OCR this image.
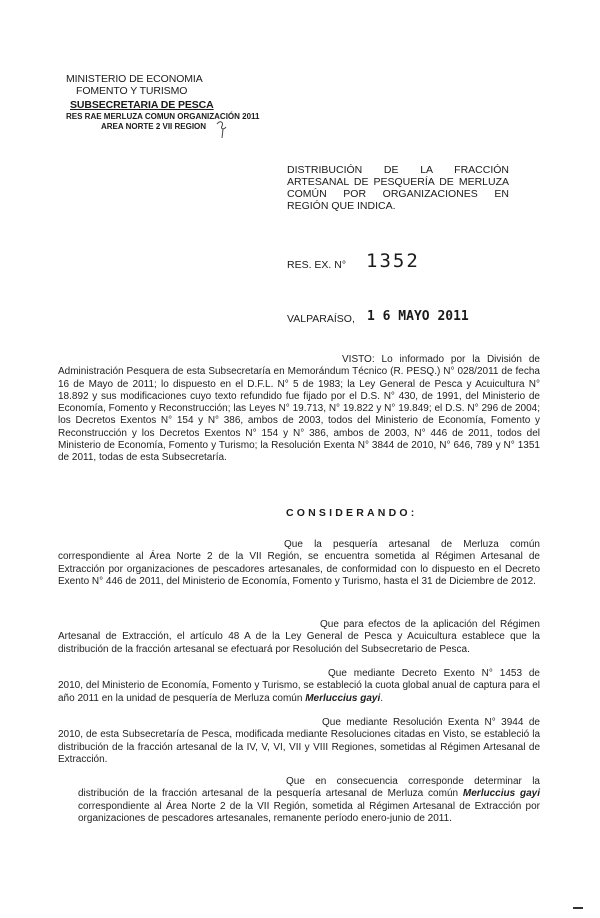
MINISTERIO DE ECONOMIA
FOMENTO Y TURISMO
SUBSECRETARIA DE PESCA
RES RAE MERLUZA COMUN ORGANIZACIÓN 2011
AREA NORTE 2 VII REGION
DISTRIBUCIÓN DE LA FRACCIÓN ARTESANAL DE PESQUERÍA DE MERLUZA COMÚN POR ORGANIZACIONES EN REGIÓN QUE INDICA.
RES. EX. N° 1352
VALPARAÍSO, 1 6 MAYO 2011
VISTO: Lo informado por la División de Administración Pesquera de esta Subsecretaría en Memorándum Técnico (R. PESQ.) N° 028/2011 de fecha 16 de Mayo de 2011; lo dispuesto en el D.F.L. N° 5 de 1983; la Ley General de Pesca y Acuicultura N° 18.892 y sus modificaciones cuyo texto refundido fue fijado por el D.S. N° 430, de 1991, del Ministerio de Economía, Fomento y Reconstrucción; las Leyes N° 19.713, N° 19.822 y N° 19.849; el D.S. N° 296 de 2004; los Decretos Exentos N° 154 y N° 386, ambos de 2003, todos del Ministerio de Economía, Fomento y Reconstrucción y los Decretos Exentos N° 154 y N° 386, ambos de 2003, N° 446 de 2011, todos del Ministerio de Economía, Fomento y Turismo; la Resolución Exenta N° 3844 de 2010, N° 646, 789 y N° 1351 de 2011, todas de esta Subsecretaría.
CONSIDERANDO:
Que la pesquería artesanal de Merluza común correspondiente al Área Norte 2 de la VII Región, se encuentra sometida al Régimen Artesanal de Extracción por organizaciones de pescadores artesanales, de conformidad con lo dispuesto en el Decreto Exento N° 446 de 2011, del Ministerio de Economía, Fomento y Turismo, hasta el 31 de Diciembre de 2012.
Que para efectos de la aplicación del Régimen Artesanal de Extracción, el artículo 48 A de la Ley General de Pesca y Acuicultura establece que la distribución de la fracción artesanal se efectuará por Resolución del Subsecretario de Pesca.
Que mediante Decreto Exento N° 1453 de 2010, del Ministerio de Economía, Fomento y Turismo, se estableció la cuota global anual de captura para el año 2011 en la unidad de pesquería de Merluza común Merluccius gayi.
Que mediante Resolución Exenta N° 3944 de 2010, de esta Subsecretaría de Pesca, modificada mediante Resoluciones citadas en Visto, se estableció la distribución de la fracción artesanal de la IV, V, VI, VII y VIII Regiones, sometidas al Régimen Artesanal de Extracción.
Que en consecuencia corresponde determinar la distribución de la fracción artesanal de la pesquería artesanal de Merluza común Merluccius gayi correspondiente al Área Norte 2 de la VII Región, sometida al Régimen Artesanal de Extracción por organizaciones de pescadores artesanales, remanente período enero-junio de 2011.
